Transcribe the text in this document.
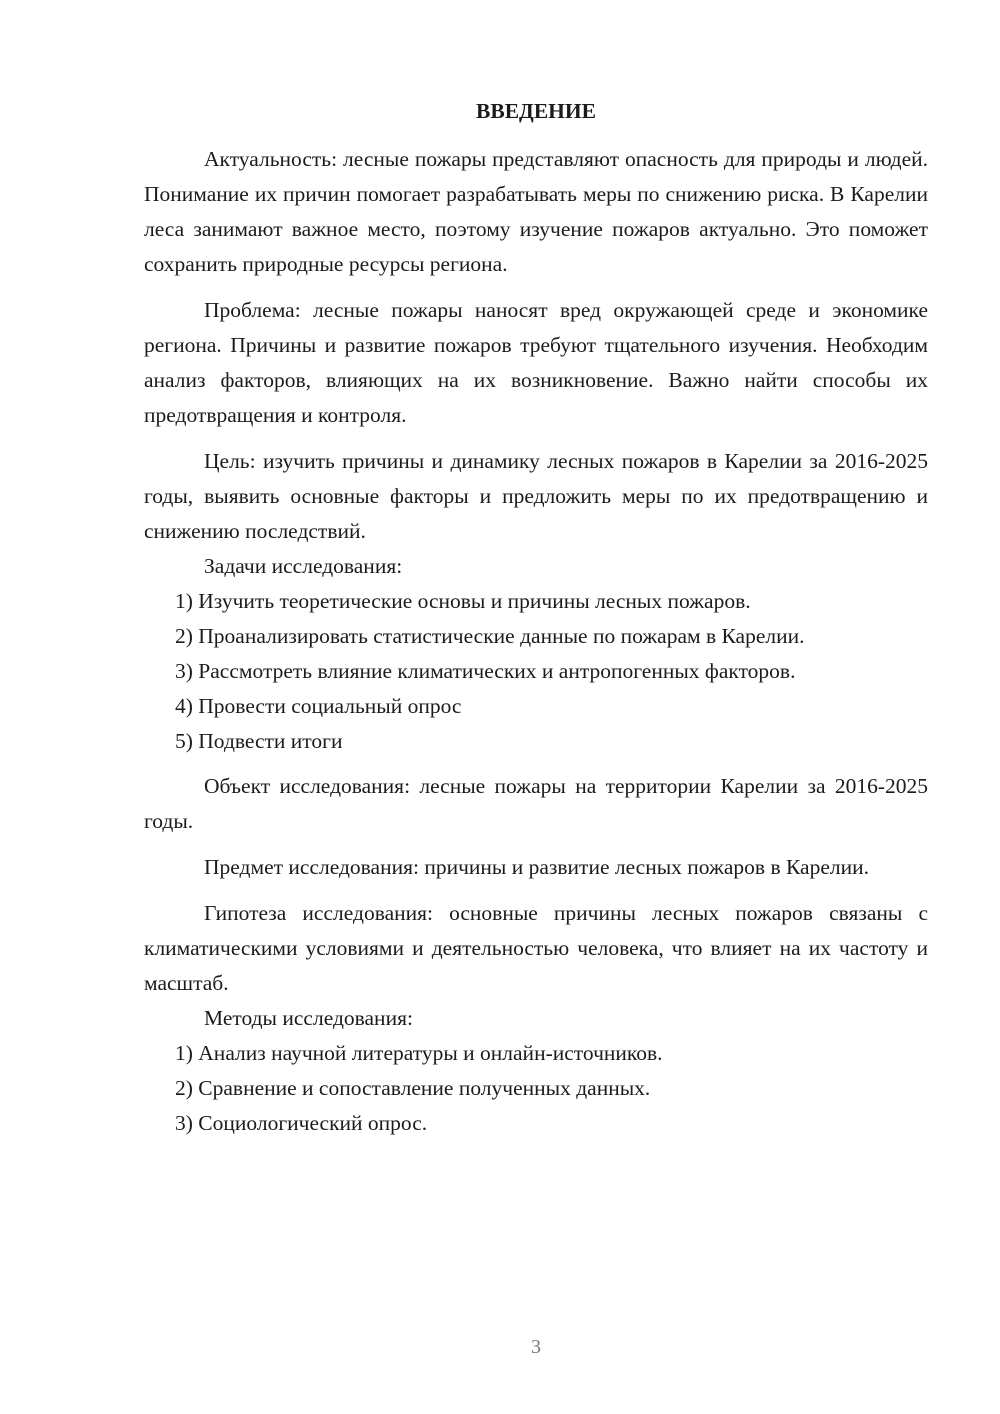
ВВЕДЕНИЕ

Актуальность: лесные пожары представляют опасность для природы и людей. Понимание их причин помогает разрабатывать меры по снижению риска. В Карелии леса занимают важное место, поэтому изучение пожаров актуально. Это поможет сохранить природные ресурсы региона.

Проблема: лесные пожары наносят вред окружающей среде и экономике региона. Причины и развитие пожаров требуют тщательного изучения. Необходим анализ факторов, влияющих на их возникновение. Важно найти способы их предотвращения и контроля.

Цель: изучить причины и динамику лесных пожаров в Карелии за 2016-2025 годы, выявить основные факторы и предложить меры по их предотвращению и снижению последствий.

Задачи исследования:

1) Изучить теоретические основы и причины лесных пожаров.

2) Проанализировать статистические данные по пожарам в Карелии.

3) Рассмотреть влияние климатических и антропогенных факторов.

4) Провести социальный опрос

5) Подвести итоги

Объект исследования: лесные пожары на территории Карелии за 2016-2025 годы.

Предмет исследования: причины и развитие лесных пожаров в Карелии.

Гипотеза исследования: основные причины лесных пожаров связаны с климатическими условиями и деятельностью человека, что влияет на их частоту и масштаб.

Методы исследования:

1) Анализ научной литературы и онлайн-источников.

2) Сравнение и сопоставление полученных данных.

3) Социологический опрос.

3
